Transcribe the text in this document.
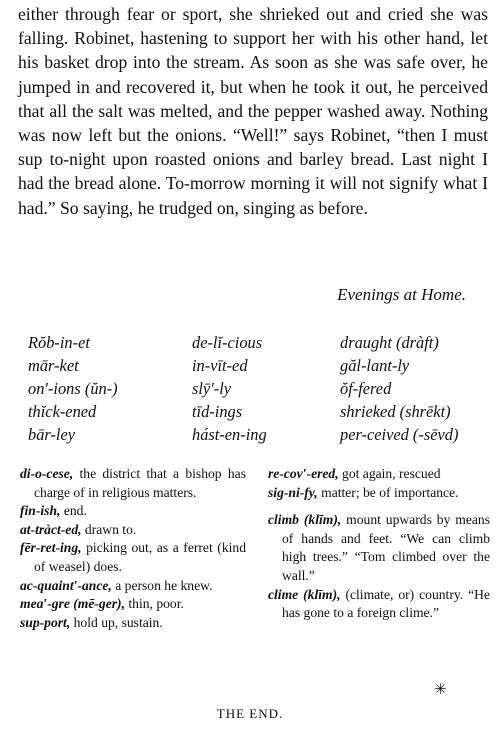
either through fear or sport, she shrieked out and cried she was falling. Robinet, hastening to support her with his other hand, let his basket drop into the stream. As soon as she was safe over, he jumped in and recovered it, but when he took it out, he perceived that all the salt was melted, and the pepper washed away. Nothing was now left but the onions. “Well!” says Robinet, “then I must sup to-night upon roasted onions and barley bread. Last night I had the bread alone. To-morrow morning it will not signify what I had.” So saying, he trudged on, singing as before.

Evenings at Home.
Rŏb-in-et	de-lĭ-cious	draught (dràft)
mār-ket	in-vīt-ed	găl-lant-ly
on′-ions (ŭn-)	slȳ′-ly	ŏf-fered
thĭck-ened	tīd-ings	shrieked (shrēkt)
bār-ley	hást-en-ing	per-ceived (-sēvd)

di-o-cese, the district that a bishop has charge of in religious matters.

fin-ish, end.

at-tràct-ed, drawn to.

fēr-ret-ing, picking out, as a ferret (kind of weasel) does.

ac-quaint′-ance, a person he knew.

mea′-gre (mē-ger), thin, poor.

sup-port, hold up, sustain.

re-cov′-ered, got again, rescued

sig-ni-fy, matter; be of importance.

climb (klīm), mount upwards by means of hands and feet. “We can climb high trees.” “Tom climbed over the wall.”

clime (klīm), (climate, or) country. “He has gone to a foreign clime.”

✳
THE END.
